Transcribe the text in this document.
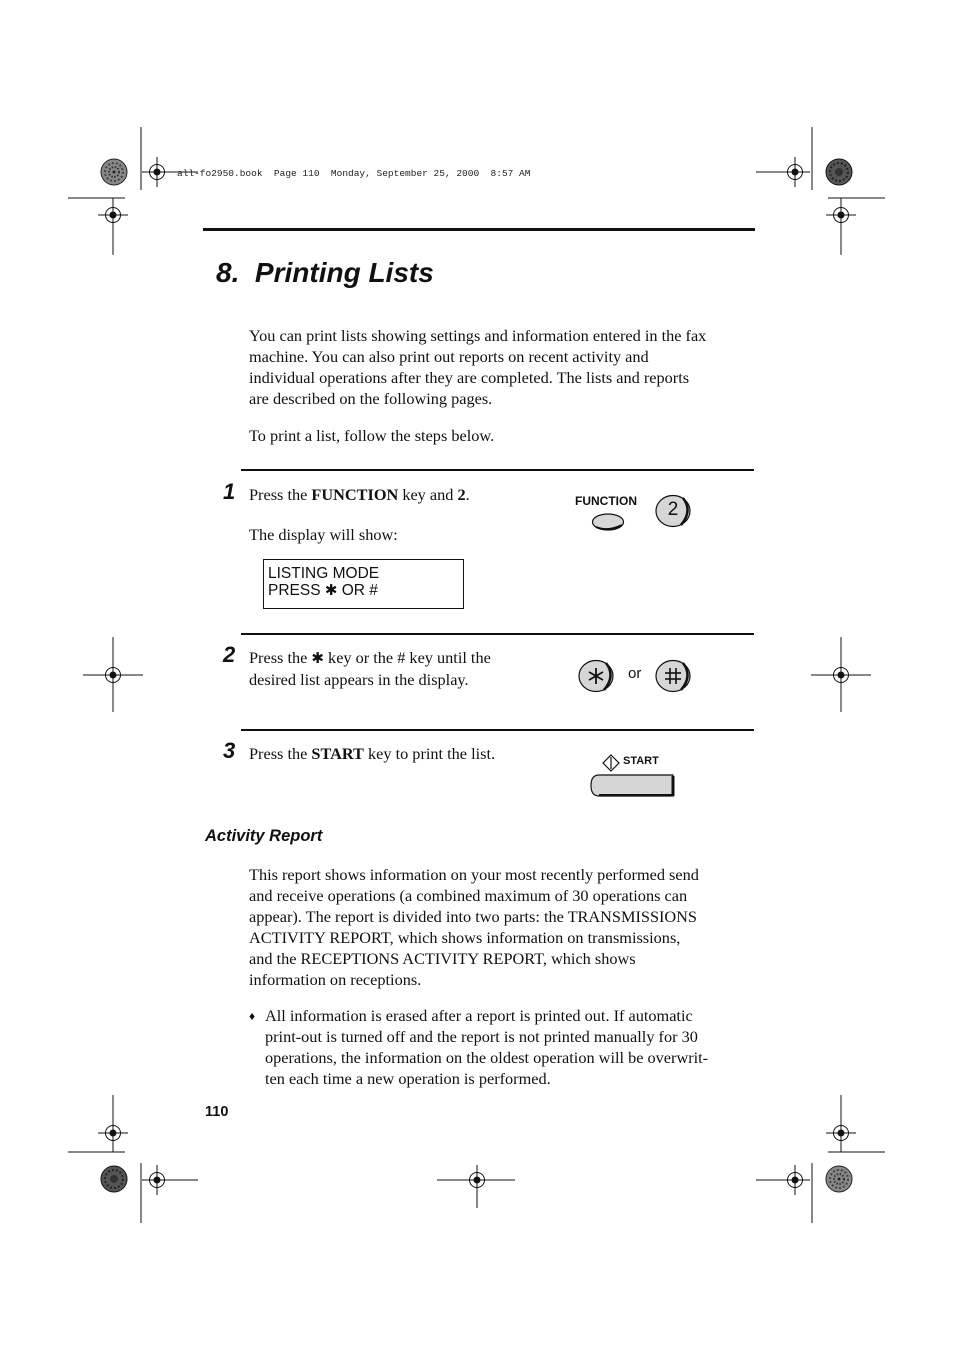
all-fo2950.book  Page 110  Monday, September 25, 2000  8:57 AM
8.  Printing Lists
You can print lists showing settings and information entered in the fax
machine. You can also print out reports on recent activity and
individual operations after they are completed. The lists and reports
are described on the following pages.
To print a list, follow the steps below.
1 Press the FUNCTION key and 2.
The display will show:
LISTING MODE
PRESS ✱ OR #
FUNCTION	2
2 Press the ✱ key or the # key until the
desired list appears in the display.	or
3 Press the START key to print the list.	START
Activity Report
This report shows information on your most recently performed send
and receive operations (a combined maximum of 30 operations can
appear). The report is divided into two parts: the TRANSMISSIONS
ACTIVITY REPORT, which shows information on transmissions,
and the RECEPTIONS ACTIVITY REPORT, which shows
information on receptions.
♦ All information is erased after a report is printed out. If automatic
print-out is turned off and the report is not printed manually for 30
operations, the information on the oldest operation will be overwrit-
ten each time a new operation is performed.
110
